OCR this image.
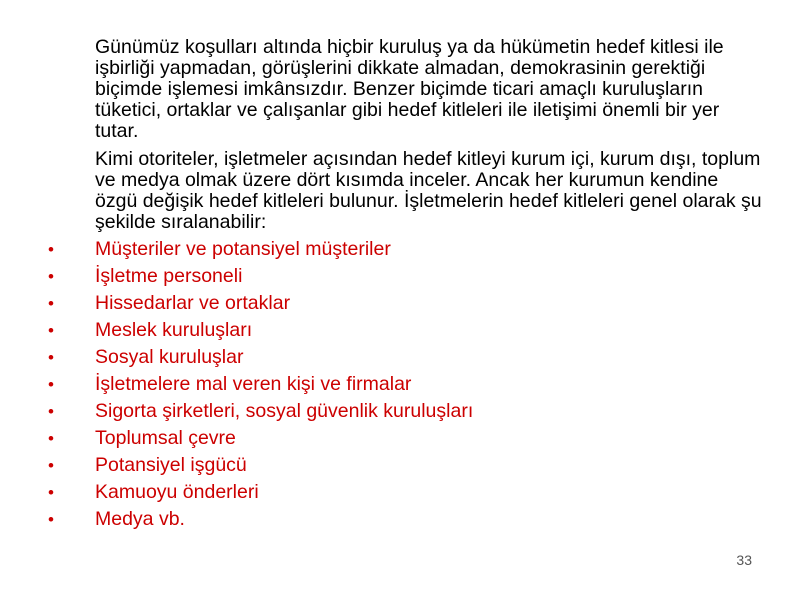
Günümüz koşulları altında hiçbir kuruluş ya da hükümetin hedef kitlesi ile işbirliği yapmadan, görüşlerini dikkate almadan, demokrasinin gerektiği biçimde işlemesi imkânsızdır. Benzer biçimde ticari amaçlı kuruluşların tüketici, ortaklar ve çalışanlar gibi hedef kitleleri ile iletişimi önemli bir yer tutar.

Kimi otoriteler, işletmeler açısından hedef kitleyi kurum içi, kurum dışı, toplum ve medya olmak üzere dört kısımda inceler. Ancak her kurumun kendine özgü değişik hedef kitleleri bulunur. İşletmelerin hedef kitleleri genel olarak şu şekilde sıralanabilir:

• Müşteriler ve potansiyel müşteriler
• İşletme personeli
• Hissedarlar ve ortaklar
• Meslek kuruluşları
• Sosyal kuruluşlar
• İşletmelere mal veren kişi ve firmalar
• Sigorta şirketleri, sosyal güvenlik kuruluşları
• Toplumsal çevre
• Potansiyel işgücü
• Kamuoyu önderleri
• Medya vb.
33
